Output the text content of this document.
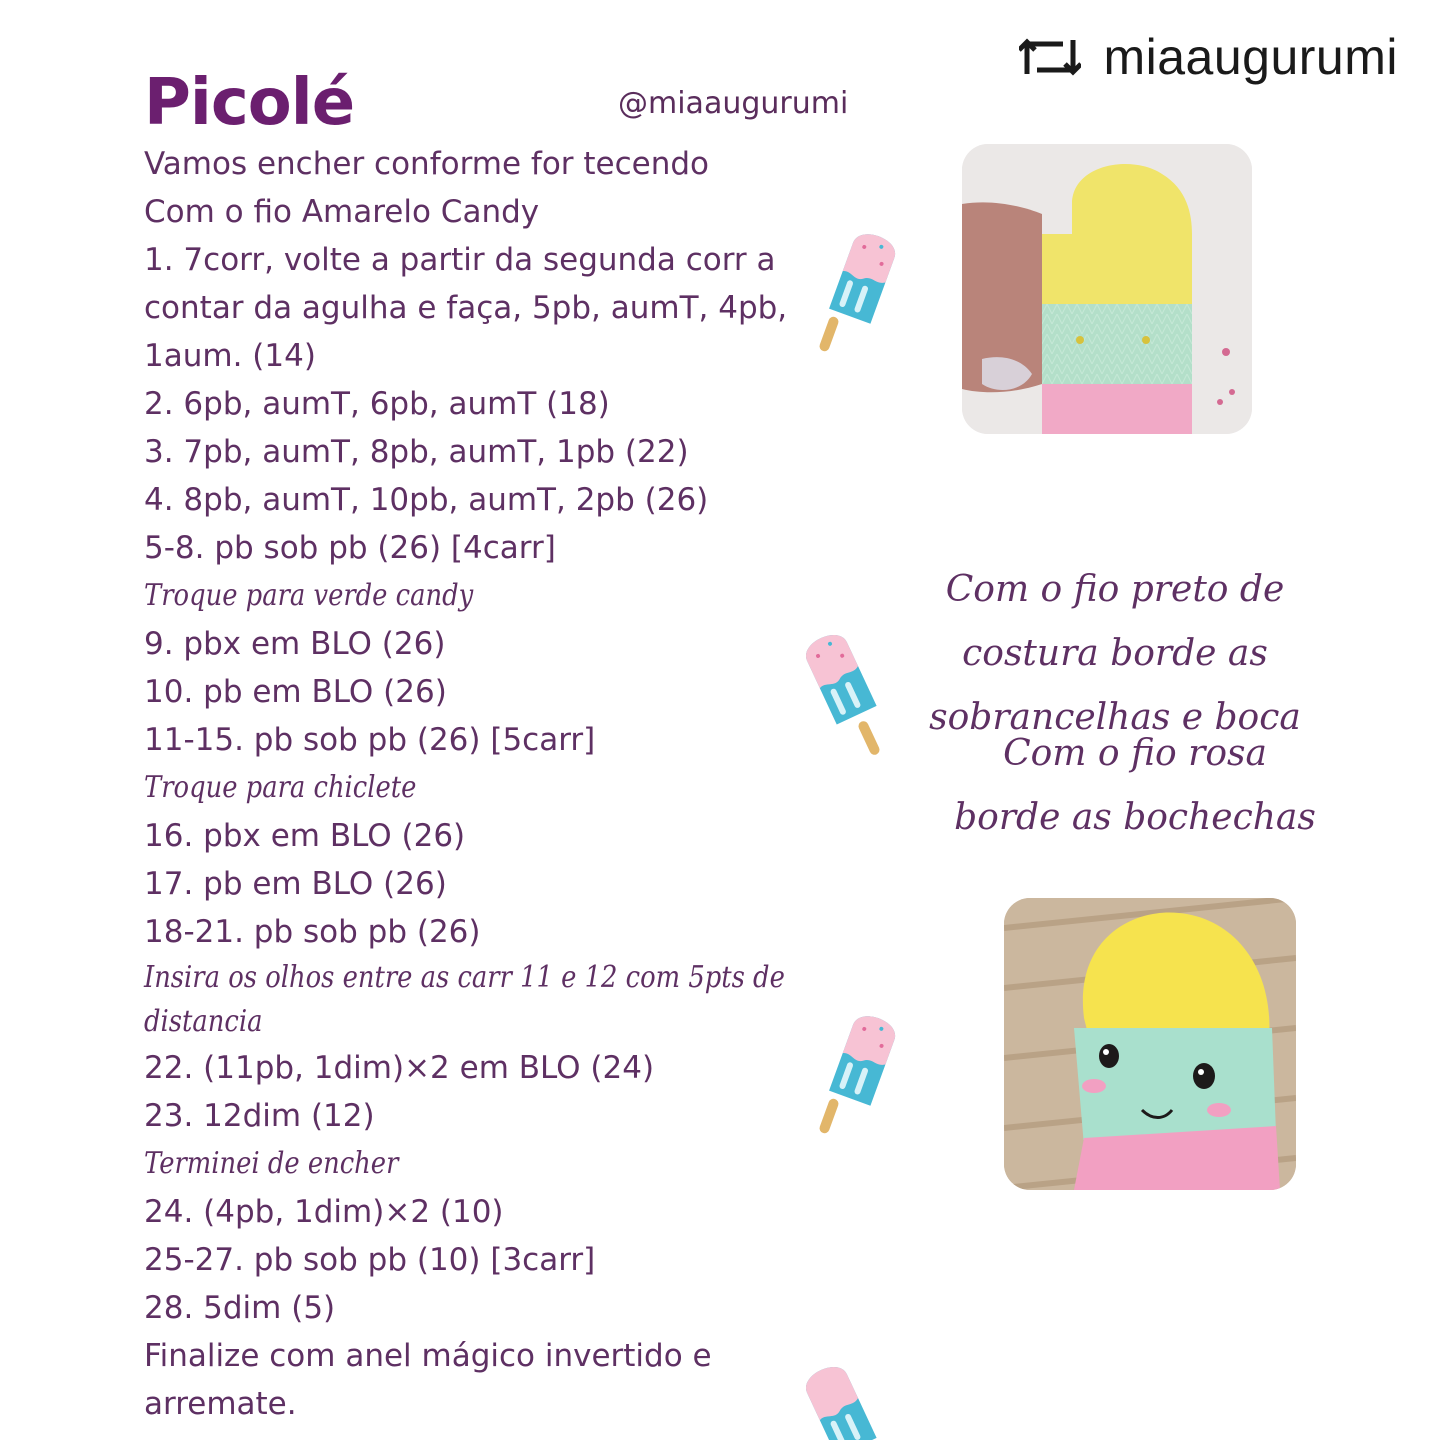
miaaugurumi
Picolé	@miaaugurumi
Vamos encher conforme for tecendo
Com o fio Amarelo Candy
1. 7corr, volte a partir da segunda corr a contar da agulha e faça, 5pb, aumT, 4pb, 1aum. (14)
2. 6pb, aumT, 6pb, aumT (18)
3. 7pb, aumT, 8pb, aumT, 1pb (22)
4. 8pb, aumT, 10pb, aumT, 2pb (26)
5-8. pb sob pb (26) [4carr]
Troque para verde candy
9. pbx em BLO (26)
10. pb em BLO (26)
11-15. pb sob pb (26) [5carr]
Troque para chiclete
16. pbx em BLO (26)
17. pb em BLO (26)
18-21. pb sob pb (26)
Insira os olhos entre as carr 11 e 12 com 5pts de distancia
22. (11pb, 1dim)×2 em BLO (24)
23. 12dim (12)
Terminei de encher
24. (4pb, 1dim)×2 (10)
25-27. pb sob pb (10) [3carr]
28. 5dim (5)
Finalize com anel mágico invertido e arremate.
Com o fio preto de costura borde as sobrancelhas e boca
Com o fio rosa borde as bochechas
